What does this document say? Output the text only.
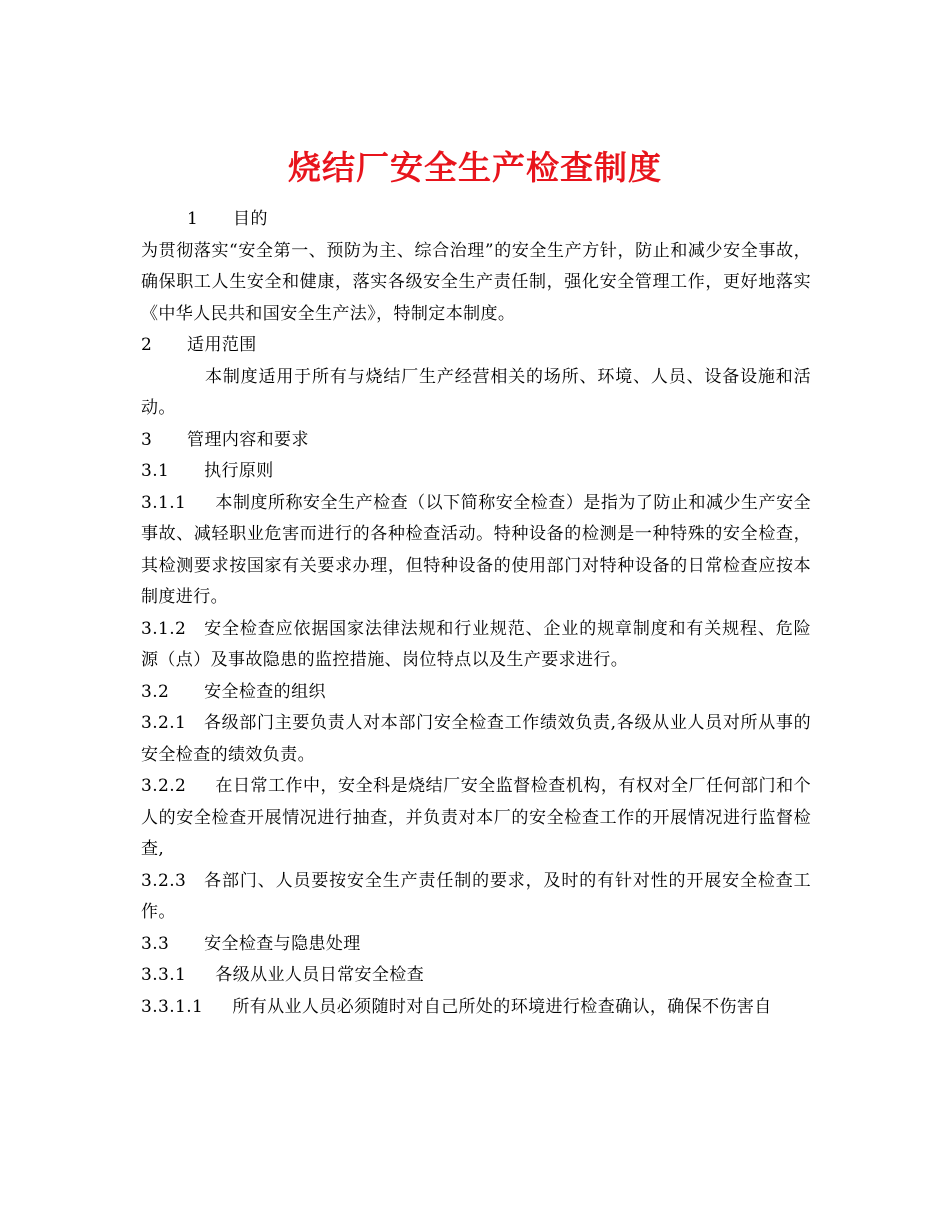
烧结厂安全生产检查制度

1 目的

为贯彻落实“安全第一、预防为主、综合治理”的安全生产方针，防止和减少安全事故，确保职工人生安全和健康，落实各级安全生产责任制，强化安全管理工作，更好地落实《中华人民共和国安全生产法》，特制定本制度。

2 适用范围

本制度适用于所有与烧结厂生产经营相关的场所、环境、人员、设备设施和活动。

3 管理内容和要求

3.1 执行原则

3.1.1 本制度所称安全生产检查（以下简称安全检查）是指为了防止和减少生产安全事故、减轻职业危害而进行的各种检查活动。特种设备的检测是一种特殊的安全检查，其检测要求按国家有关要求办理，但特种设备的使用部门对特种设备的日常检查应按本制度进行。

3.1.2 安全检查应依据国家法律法规和行业规范、企业的规章制度和有关规程、危险源（点）及事故隐患的监控措施、岗位特点以及生产要求进行。

3.2 安全检查的组织

3.2.1 各级部门主要负责人对本部门安全检查工作绩效负责,各级从业人员对所从事的安全检查的绩效负责。

3.2.2 在日常工作中，安全科是烧结厂安全监督检查机构，有权对全厂任何部门和个人的安全检查开展情况进行抽查，并负责对本厂的安全检查工作的开展情况进行监督检查,

3.2.3 各部门、人员要按安全生产责任制的要求，及时的有针对性的开展安全检查工作。

3.3 安全检查与隐患处理

3.3.1 各级从业人员日常安全检查

3.3.1.1 所有从业人员必须随时对自己所处的环境进行检查确认，确保不伤害自
